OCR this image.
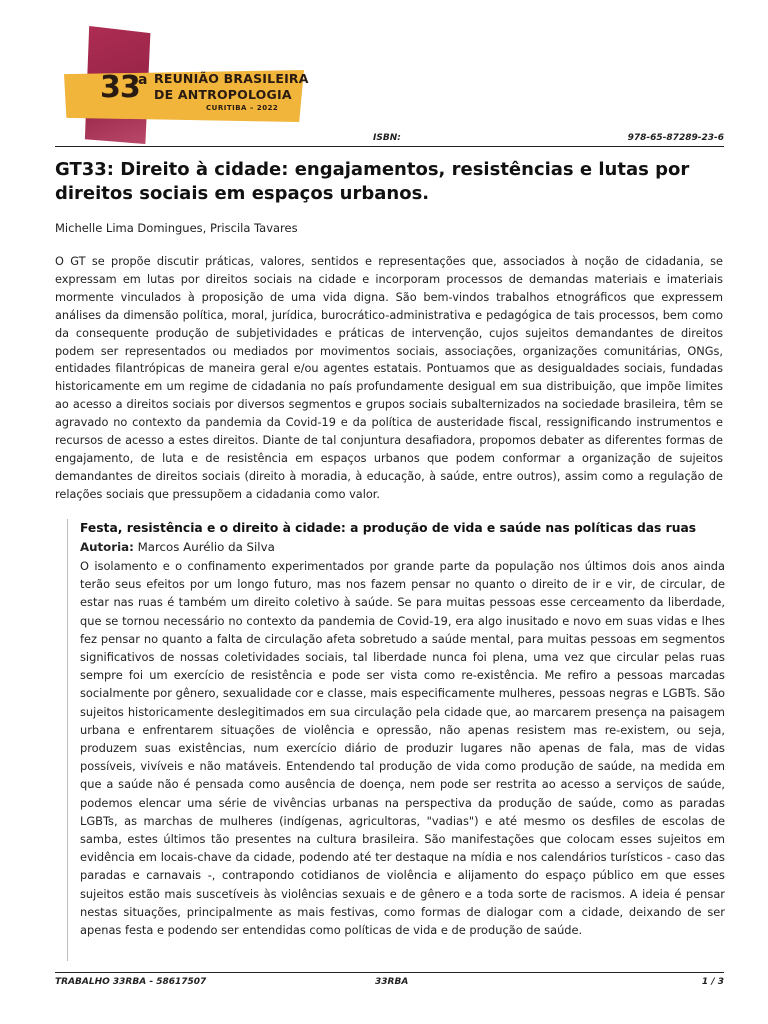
33
a REUNIÃO BRASILEIRA
DE ANTROPOLOGIA
CURITIBA – 2022
ISBN:	978-65-87289-23-6
GT33: Direito à cidade: engajamentos, resistências e lutas por direitos sociais em espaços urbanos.
Michelle Lima Domingues, Priscila Tavares

O GT se propõe discutir práticas, valores, sentidos e representações que, associados à noção de cidadania, se expressam em lutas por direitos sociais na cidade e incorporam processos de demandas materiais e imateriais mormente vinculados à proposição de uma vida digna. São bem-vindos trabalhos etnográficos que expressem análises da dimensão política, moral, jurídica, burocrático-administrativa e pedagógica de tais processos, bem como da consequente produção de subjetividades e práticas de intervenção, cujos sujeitos demandantes de direitos podem ser representados ou mediados por movimentos sociais, associações, organizações comunitárias, ONGs, entidades filantrópicas de maneira geral e/ou agentes estatais. Pontuamos que as desigualdades sociais, fundadas historicamente em um regime de cidadania no país profundamente desigual em sua distribuição, que impõe limites ao acesso a direitos sociais por diversos segmentos e grupos sociais subalternizados na sociedade brasileira, têm se agravado no contexto da pandemia da Covid-19 e da política de austeridade fiscal, ressignificando instrumentos e recursos de acesso a estes direitos. Diante de tal conjuntura desafiadora, propomos debater as diferentes formas de engajamento, de luta e de resistência em espaços urbanos que podem conformar a organização de sujeitos demandantes de direitos sociais (direito à moradia, à educação, à saúde, entre outros), assim como a regulação de relações sociais que pressupõem a cidadania como valor.

Festa, resistência e o direito à cidade: a produção de vida e saúde nas políticas das ruas
Autoria: Marcos Aurélio da Silva

O isolamento e o confinamento experimentados por grande parte da população nos últimos dois anos ainda terão seus efeitos por um longo futuro, mas nos fazem pensar no quanto o direito de ir e vir, de circular, de estar nas ruas é também um direito coletivo à saúde. Se para muitas pessoas esse cerceamento da liberdade, que se tornou necessário no contexto da pandemia de Covid-19, era algo inusitado e novo em suas vidas e lhes fez pensar no quanto a falta de circulação afeta sobretudo a saúde mental, para muitas pessoas em segmentos significativos de nossas coletividades sociais, tal liberdade nunca foi plena, uma vez que circular pelas ruas sempre foi um exercício de resistência e pode ser vista como re-existência. Me refiro a pessoas marcadas socialmente por gênero, sexualidade cor e classe, mais especificamente mulheres, pessoas negras e LGBTs. São sujeitos historicamente deslegitimados em sua circulação pela cidade que, ao marcarem presença na paisagem urbana e enfrentarem situações de violência e opressão, não apenas resistem mas re-existem, ou seja, produzem suas existências, num exercício diário de produzir lugares não apenas de fala, mas de vidas possíveis, vivíveis e não matáveis. Entendendo tal produção de vida como produção de saúde, na medida em que a saúde não é pensada como ausência de doença, nem pode ser restrita ao acesso a serviços de saúde, podemos elencar uma série de vivências urbanas na perspectiva da produção de saúde, como as paradas LGBTs, as marchas de mulheres (indígenas, agricultoras, "vadias") e até mesmo os desfiles de escolas de samba, estes últimos tão presentes na cultura brasileira. São manifestações que colocam esses sujeitos em evidência em locais-chave da cidade, podendo até ter destaque na mídia e nos calendários turísticos - caso das paradas e carnavais -, contrapondo cotidianos de violência e alijamento do espaço público em que esses sujeitos estão mais suscetíveis às violências sexuais e de gênero e a toda sorte de racismos. A ideia é pensar nestas situações, principalmente as mais festivas, como formas de dialogar com a cidade, deixando de ser apenas festa e podendo ser entendidas como políticas de vida e de produção de saúde.

TRABALHO 33RBA - 58617507	33RBA	1 / 3
